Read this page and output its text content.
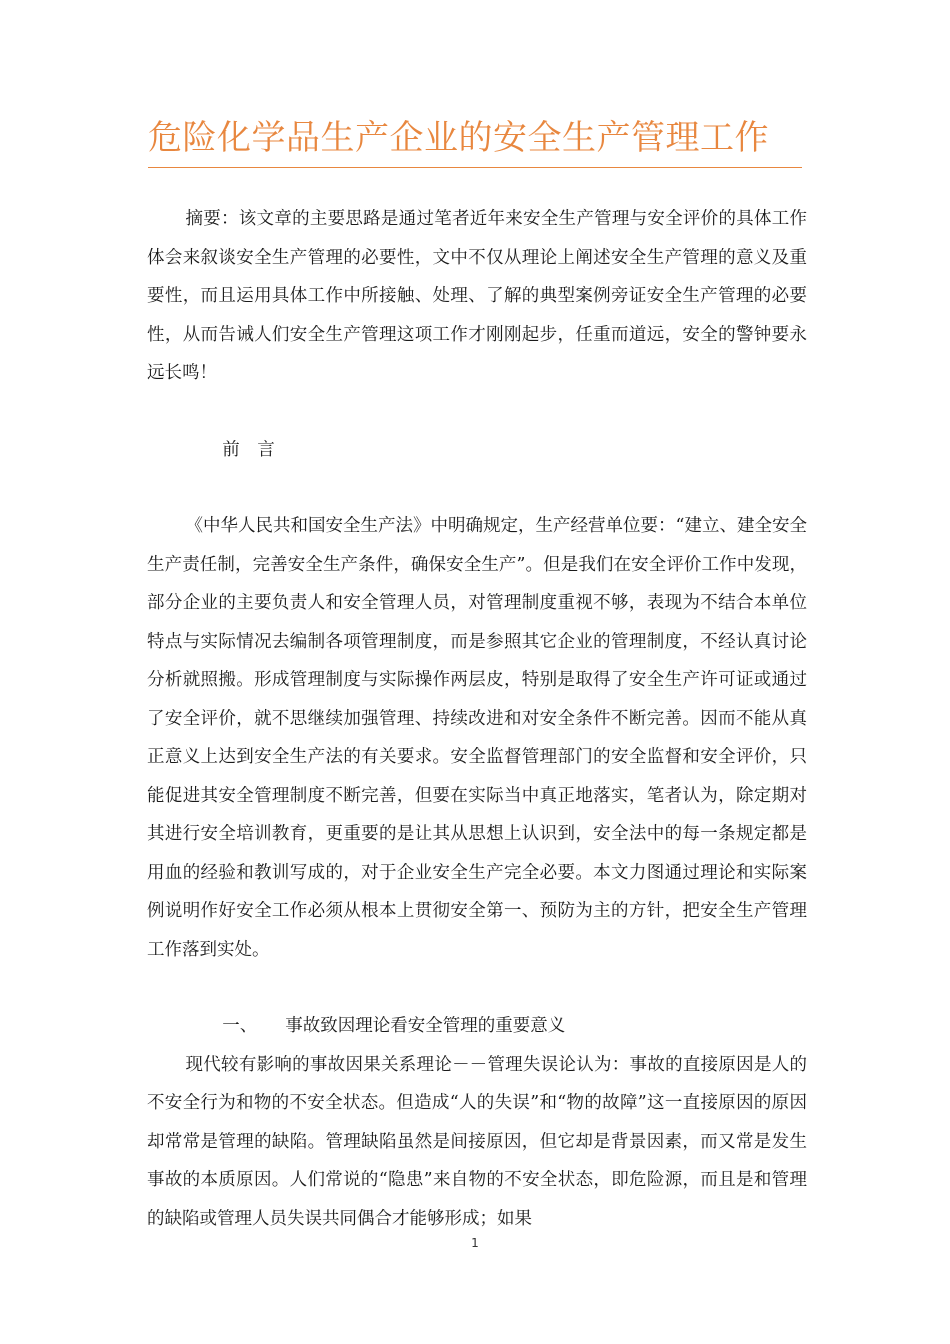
危险化学品生产企业的安全生产管理工作

摘要：该文章的主要思路是通过笔者近年来安全生产管理与安全评价的具体工作体会来叙谈安全生产管理的必要性，文中不仅从理论上阐述安全生产管理的意义及重要性，而且运用具体工作中所接触、处理、了解的典型案例旁证安全生产管理的必要性，从而告诫人们安全生产管理这项工作才刚刚起步，任重而道远，安全的警钟要永远长鸣！

前　言

《中华人民共和国安全生产法》中明确规定，生产经营单位要：“建立、建全安全生产责任制，完善安全生产条件，确保安全生产”。但是我们在安全评价工作中发现，部分企业的主要负责人和安全管理人员，对管理制度重视不够，表现为不结合本单位特点与实际情况去编制各项管理制度，而是参照其它企业的管理制度，不经认真讨论分析就照搬。形成管理制度与实际操作两层皮，特别是取得了安全生产许可证或通过了安全评价，就不思继续加强管理、持续改进和对安全条件不断完善。因而不能从真正意义上达到安全生产法的有关要求。安全监督管理部门的安全监督和安全评价，只能促进其安全管理制度不断完善，但要在实际当中真正地落实，笔者认为，除定期对其进行安全培训教育，更重要的是让其从思想上认识到，安全法中的每一条规定都是用血的经验和教训写成的，对于企业安全生产完全必要。本文力图通过理论和实际案例说明作好安全工作必须从根本上贯彻安全第一、预防为主的方针，把安全生产管理工作落到实处。

一、 事故致因理论看安全管理的重要意义

现代较有影响的事故因果关系理论－－管理失误论认为：事故的直接原因是人的不安全行为和物的不安全状态。但造成“人的失误”和“物的故障”这一直接原因的原因却常常是管理的缺陷。管理缺陷虽然是间接原因，但它却是背景因素，而又常是发生事故的本质原因。人们常说的“隐患”来自物的不安全状态，即危险源，而且是和管理的缺陷或管理人员失误共同偶合才能够形成；如果

1
